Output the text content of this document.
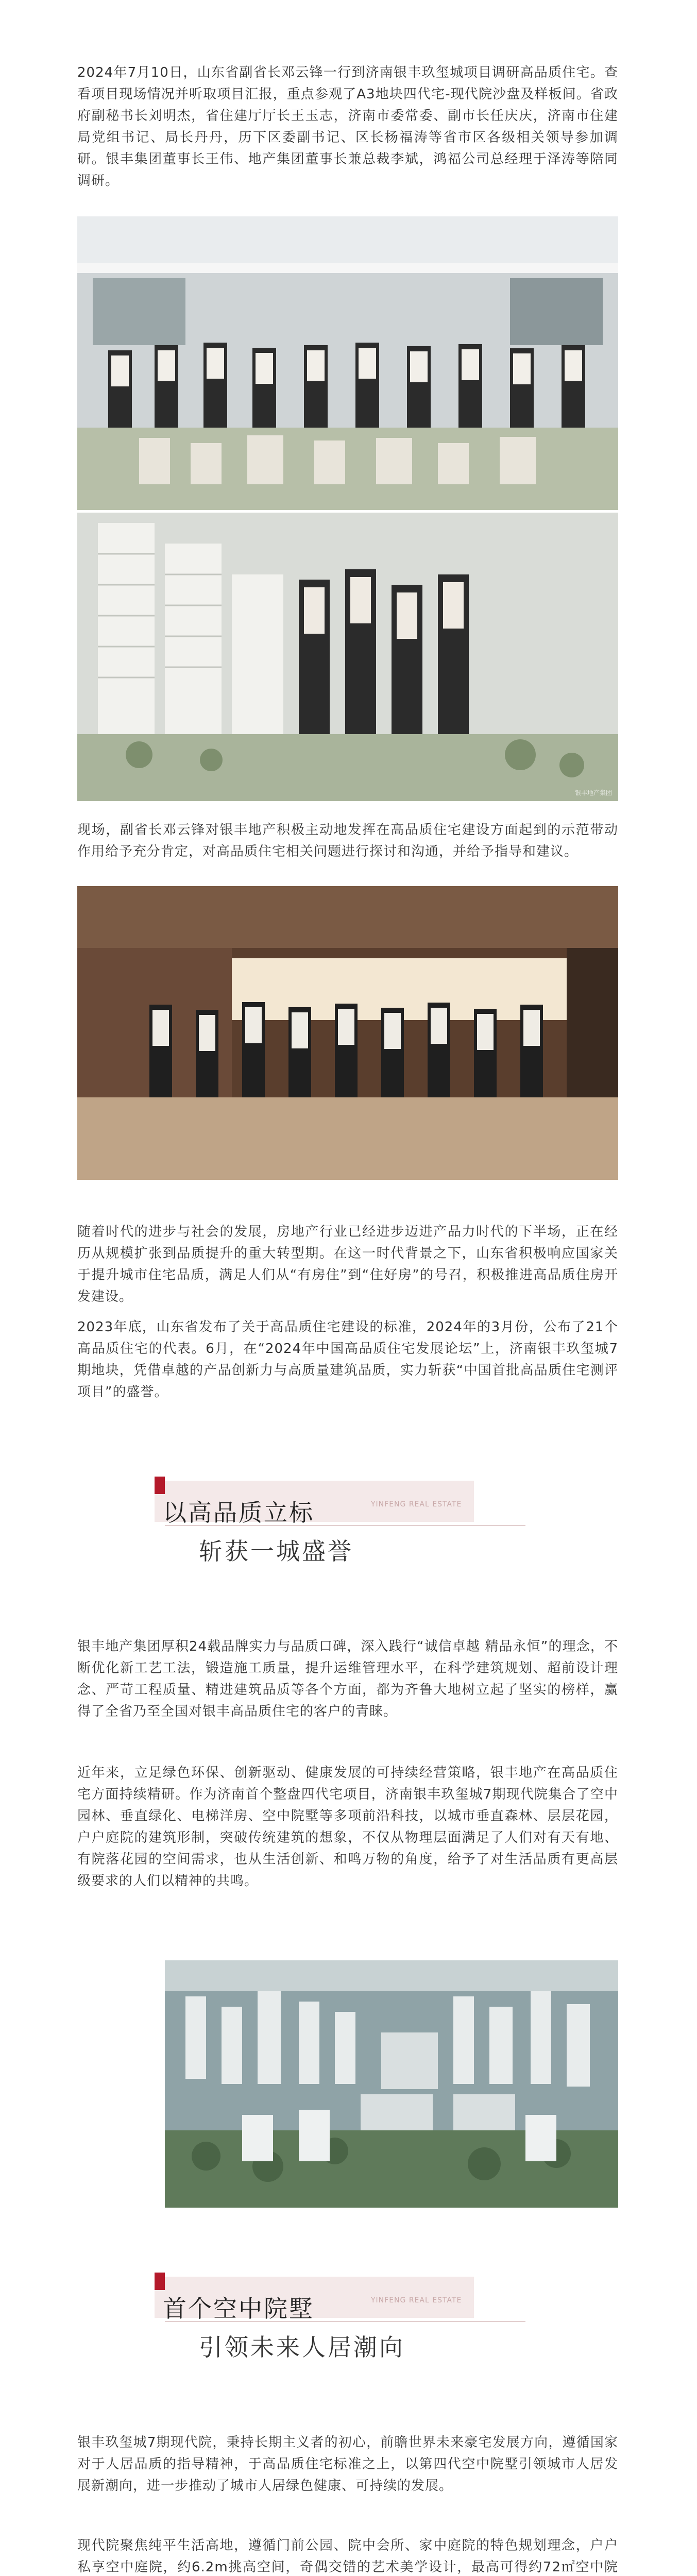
2024年7月10日，山东省副省长邓云锋一行到济南银丰玖玺城项目调研高品质住宅。查看项目现场情况并听取项目汇报，重点参观了A3地块四代宅-现代院沙盘及样板间。省政府副秘书长刘明杰，省住建厅厅长王玉志，济南市委常委、副市长任庆庆，济南市住建局党组书记、局长丹丹，历下区委副书记、区长杨福涛等省市区各级相关领导参加调研。银丰集团董事长王伟、地产集团董事长兼总裁李斌，鸿福公司总经理于泽涛等陪同调研。

银丰地产集团

现场，副省长邓云锋对银丰地产积极主动地发挥在高品质住宅建设方面起到的示范带动作用给予充分肯定，对高品质住宅相关问题进行探讨和沟通，并给予指导和建议。

随着时代的进步与社会的发展，房地产行业已经进步迈进产品力时代的下半场，正在经历从规模扩张到品质提升的重大转型期。在这一时代背景之下，山东省积极响应国家关于提升城市住宅品质，满足人们从“有房住”到“住好房”的号召，积极推进高品质住房开发建设。

2023年底，山东省发布了关于高品质住宅建设的标准，2024年的3月份，公布了21个高品质住宅的代表。6月，在“2024年中国高品质住宅发展论坛”上，济南银丰玖玺城7期地块，凭借卓越的产品创新力与高质量建筑品质，实力斩获“中国首批高品质住宅测评项目”的盛誉。

以高品质立标	YINFENG REAL ESTATE
斩获一城盛誉

银丰地产集团厚积24载品牌实力与品质口碑，深入践行“诚信卓越 精品永恒”的理念，不断优化新工艺工法，锻造施工质量，提升运维管理水平，在科学建筑规划、超前设计理念、严苛工程质量、精进建筑品质等各个方面，都为齐鲁大地树立起了坚实的榜样，赢得了全省乃至全国对银丰高品质住宅的客户的青睐。

近年来，立足绿色环保、创新驱动、健康发展的可持续经营策略，银丰地产在高品质住宅方面持续精研。作为济南首个整盘四代宅项目，济南银丰玖玺城7期现代院集合了空中园林、垂直绿化、电梯洋房、空中院墅等多项前沿科技，以城市垂直森林、层层花园，户户庭院的建筑形制，突破传统建筑的想象，不仅从物理层面满足了人们对有天有地、有院落花园的空间需求，也从生活创新、和鸣万物的角度，给予了对生活品质有更高层级要求的人们以精神的共鸣。

首个空中院墅	YINFENG REAL ESTATE
引领未来人居潮向

银丰玖玺城7期现代院，秉持长期主义者的初心，前瞻世界未来豪宅发展方向，遵循国家对于人居品质的指导精神，于高品质住宅标准之上，以第四代空中院墅引领城市人居发展新潮向，进一步推动了城市人居绿色健康、可持续的发展。

现代院聚焦纯平生活高地，遵循门前公园、院中会所、家中庭院的特色规划理念，户户私享空中庭院，约6.2m挑高空间，奇偶交错的艺术美学设计，最高可得约72㎡空中院
